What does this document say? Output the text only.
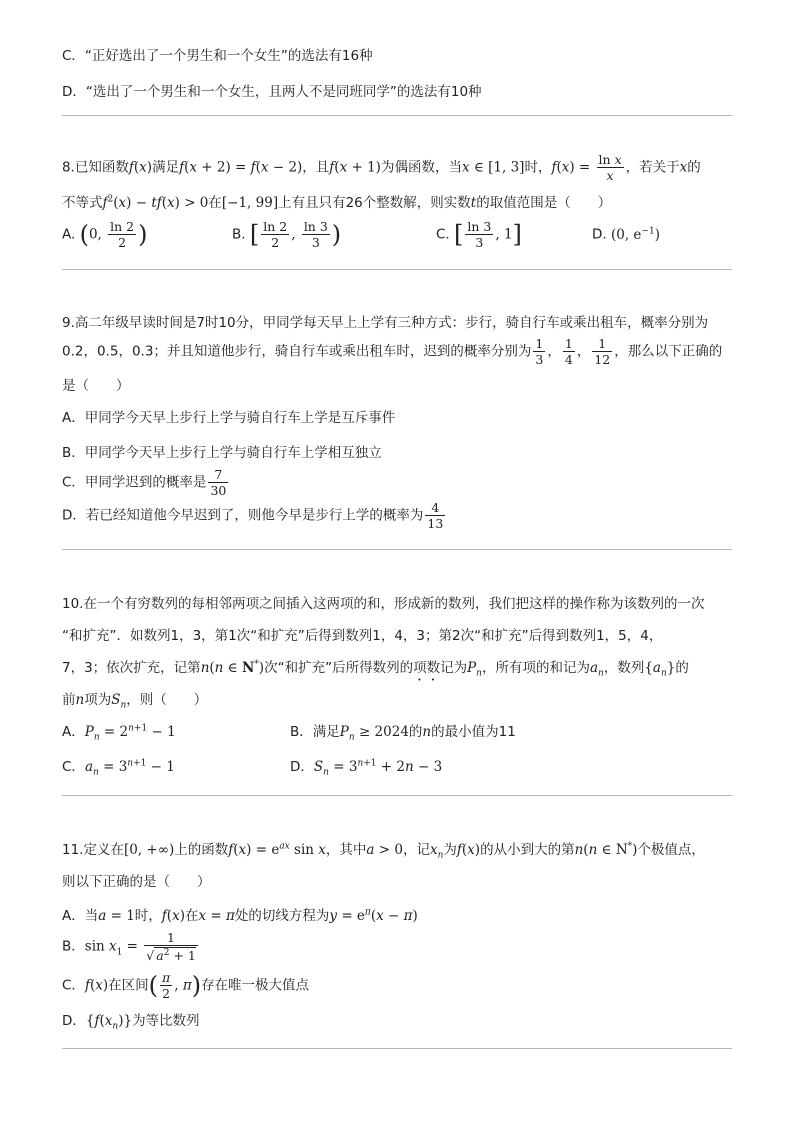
C．“正好选出了一个男生和一个女生”的选法有16种
D．“选出了一个男生和一个女生，且两人不是同班同学”的选法有10种
8.已知函数f(x)满足f(x + 2) = f(x − 2)，且f(x + 1)为偶函数，当x ∈ [1, 3]时，$f(x) = \frac{\text{ln x}}{x}$ ，若关于x的
不等式$f^2(x) - tf(x) > 0$在[−1, 99]上有且只有26个整数解，则实数t的取值范围是（　　）
A. (0, $\frac{\ln 2}{2}$ )	B. [ $\frac{\ln 2}{2}$ , $\frac{\ln 3}{3}$ )	C. [ $\frac{\ln 3}{3}$ , 1]	D. (0, $e^{-1}$)
9.高二年级早读时间是7时10分，甲同学每天早上上学有三种方式：步行，骑自行车或乘出租车，概率分别为
0.2，0.5，0.3；并且知道他步行，骑自行车或乘出租车时，迟到的概率分别为 $\frac{1}{3}$ ， $\frac{1}{4}$ ， $\frac{1}{12}$ ，那么以下正确的
是（　　）
A．甲同学今天早上步行上学与骑自行车上学是互斥事件
B．甲同学今天早上步行上学与骑自行车上学相互独立
C．甲同学迟到的概率是 $\frac{7}{30}$
D．若已经知道他今早迟到了，则他今早是步行上学的概率为 $\frac{4}{13}$
10.在一个有穷数列的每相邻两项之间插入这两项的和，形成新的数列，我们把这样的操作称为该数列的一次
“和扩充”．如数列1，3，第1次“和扩充”后得到数列1，4，3；第2次“和扩充”后得到数列1，5，4，
7，3；依次扩充，记第n(n ∈ N*)次“和扩充”后所得数列的项数记为$P_n$，所有项的和记为$a_n$，数列$\{a_n\}$的
前n项为$S_n$，则（　　）
A．$P_n = 2^{n+1} - 1$	B．满足$P_n \ge 2024$的n的最小值为11
C．$a_n = 3^{n+1} - 1$	D．$S_n = 3^{n+1} + 2n - 3$
11.定义在[0, +∞)上的函数$f(x) = e^{ax}$ sin x，其中a > 0，记$x_n$为f(x)的从小到大的第n(n ∈ N*)个极值点，
则以下正确的是（　　）
A．当a = 1时，f(x)在x = π处的切线方程为$y = e^\pi(x - \pi)$
B．$\sin x_1 = \frac{1}{√ a^2 + 1}$
C．f(x)在区间( $\frac{\pi}{2}$ , π)存在唯一极大值点
D．$\{f(x_n)\}$为等比数列
